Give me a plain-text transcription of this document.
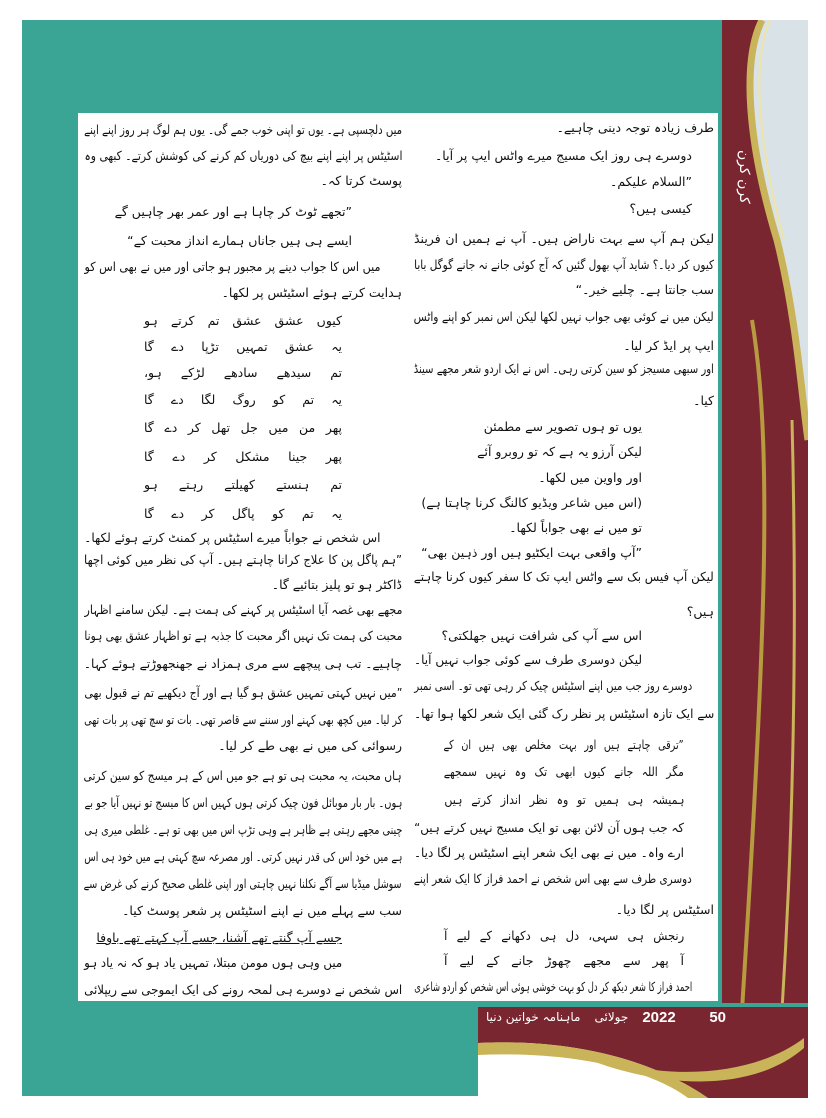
کرن کرن
ماہنامہ خواتین دنیا جولائی 2022 50
طرف زیادہ توجہ دینی چاہیے۔
دوسرے ہی روز ایک مسیج میرے واٹس ایپ پر آیا۔
”السلام علیکم۔
کیسی ہیں؟
لیکن ہم آپ سے بہت ناراض ہیں۔ آپ نے ہمیں ان فرینڈ
کیوں کر دیا۔؟ شاید آپ بھول گئیں کہ آج کوئی جانے نہ جانے گوگل بابا
سب جانتا ہے۔ چلیے خیر۔“
لیکن میں نے کوئی بھی جواب نہیں لکھا لیکن اس نمبر کو اپنے واٹس
ایپ پر ایڈ کر لیا۔
اور سبھی مسیجز کو سین کرتی رہی۔ اس نے ایک اردو شعر مجھے سینڈ
کیا۔
یوں تو ہوں تصویر سے مطمئن
لیکن آرزو یہ ہے کہ تو روبرو آئے
اور واوین میں لکھا۔
(اس میں شاعر ویڈیو کالنگ کرنا چاہتا ہے)
تو میں نے بھی جواباً لکھا۔
”آپ واقعی بہت ایکٹیو ہیں اور ذہین بھی“
لیکن آپ فیس بک سے واٹس ایپ تک کا سفر کیوں کرنا چاہتے
ہیں؟
اس سے آپ کی شرافت نہیں جھلکتی؟
لیکن دوسری طرف سے کوئی جواب نہیں آیا۔
دوسرے روز جب میں اپنے اسٹیٹس چیک کر رہی تھی تو۔ اسی نمبر
سے ایک تازہ اسٹیٹس پر نظر رک گئی ایک شعر لکھا ہوا تھا۔
”ترقی چاہتے ہیں اور بہت مخلص بھی ہیں ان کے
مگر اللہ جانے کیوں ابھی تک وہ نہیں سمجھے
ہمیشہ ہی ہمیں تو وہ نظر انداز کرتے ہیں
کہ جب ہوں آن لائن بھی تو ایک مسیج نہیں کرتے ہیں“
ارے واہ۔ میں نے بھی ایک شعر اپنے اسٹیٹس پر لگا دیا۔
دوسری طرف سے بھی اس شخص نے احمد فراز کا ایک شعر اپنے
اسٹیٹس پر لگا دیا۔
رنجش ہی سہی، دل ہی دکھانے کے لیے آ
آ پھر سے مجھے چھوڑ جانے کے لیے آ
احمد فراز کا شعر دیکھ کر دل کو بہت خوشی ہوئی اس شخص کو اردو شاعری
میں دلچسپی ہے۔ یوں تو اپنی خوب جمے گی۔ یوں ہم لوگ ہر روز اپنے اپنے
اسٹیٹس پر اپنے اپنے بیچ کی دوریاں کم کرنے کی کوشش کرتے۔ کبھی وہ
پوسٹ کرتا کہ۔
”تجھے ٹوٹ کر چاہا ہے اور عمر بھر چاہیں گے
ایسے ہی ہیں جاناں ہمارے انداز محبت کے“
میں اس کا جواب دینے پر مجبور ہو جاتی اور میں نے بھی اس کو
ہدایت کرتے ہوئے اسٹیٹس پر لکھا۔
کیوں عشق عشق تم کرتے ہو
یہ عشق تمہیں تڑپا دے گا
تم سیدھے سادھے لڑکے ہو،
یہ تم کو روگ لگا دے گا
پھر من میں جل تھل کر دے گا
پھر جینا مشکل کر دے گا
تم ہنستے کھیلتے رہتے ہو
یہ تم کو پاگل کر دے گا
اس شخص نے جواباً میرے اسٹیٹس پر کمنٹ کرتے ہوئے لکھا۔
”ہم پاگل پن کا علاج کرانا چاہتے ہیں۔ آپ کی نظر میں کوئی اچھا
ڈاکٹر ہو تو پلیز بتائیے گا۔
مجھے بھی غصہ آیا اسٹیٹس پر کہنے کی ہمت ہے۔ لیکن سامنے اظہار
محبت کی ہمت تک نہیں اگر محبت کا جذبہ ہے تو اظہار عشق بھی ہونا
چاہیے۔ تب ہی پیچھے سے مری ہمزاد نے جھنجھوڑتے ہوئے کہا۔
”میں نہیں کہتی تمہیں عشق ہو گیا ہے اور آج دیکھیے تم نے قبول بھی
کر لیا۔ میں کچھ بھی کہنے اور سننے سے قاصر تھی۔ بات تو سچ تھی پر بات تھی
رسوائی کی میں نے بھی طے کر لیا۔
ہاں محبت، یہ محبت ہی تو ہے جو میں اس کے ہر میسج کو سین کرتی
ہوں۔ بار بار موبائل فون چیک کرتی ہوں کہیں اس کا میسج تو نہیں آیا جو بے
چینی مجھے رہتی ہے ظاہر ہے وہی تڑپ اس میں بھی تو ہے۔ غلطی میری ہی
ہے میں خود اس کی قدر نہیں کرتی۔ اور مصرعہ سچ کہتی ہے میں خود ہی اس
سوشل میڈیا سے آگے نکلنا نہیں چاہتی اور اپنی غلطی صحیح کرنے کی غرض سے
سب سے پہلے میں نے اپنے اسٹیٹس پر شعر پوسٹ کیا۔
جسے آپ گنتے تھے آشنا، جسے آپ کہتے تھے باوفا
میں وہی ہوں مومن مبتلا، تمہیں یاد ہو کہ نہ یاد ہو
اس شخص نے دوسرے ہی لمحہ رونے کی ایک ایموجی سے ریپلائی
